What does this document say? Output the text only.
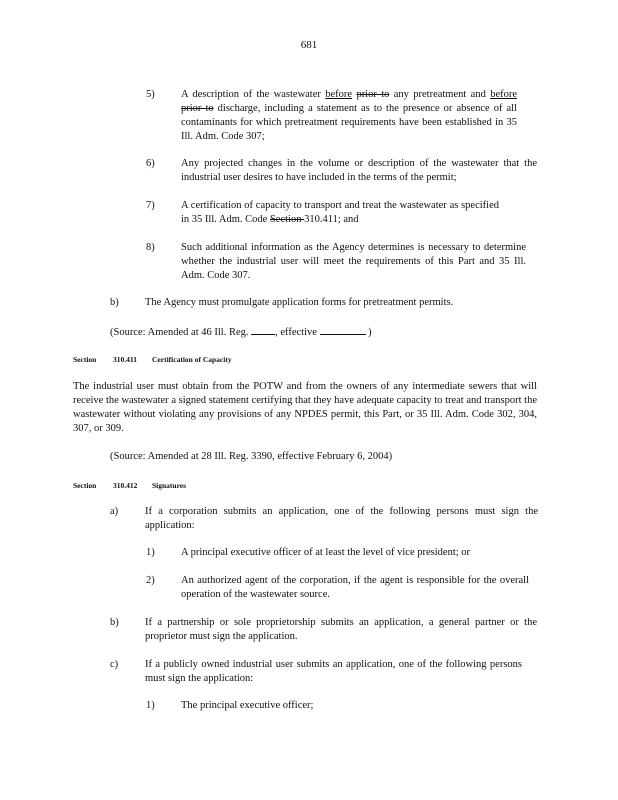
681
5)	A description of the wastewater before prior to any pretreatment and before prior to discharge, including a statement as to the presence or absence of all contaminants for which pretreatment requirements have been established in 35 Ill. Adm. Code 307;
6)	Any projected changes in the volume or description of the wastewater that the industrial user desires to have included in the terms of the permit;
7)	A certification of capacity to transport and treat the wastewater as specified in 35 Ill. Adm. Code Section 310.411; and
8)	Such additional information as the Agency determines is necessary to determine whether the industrial user will meet the requirements of this Part and 35 Ill. Adm. Code 307.
b)	The Agency must promulgate application forms for pretreatment permits.
(Source: Amended at 46 Ill. Reg. , effective	)
Section 310.411 Certification of Capacity
The industrial user must obtain from the POTW and from the owners of any intermediate sewers that will receive the wastewater a signed statement certifying that they have adequate capacity to treat and transport the wastewater without violating any provisions of any NPDES permit, this Part, or 35 Ill. Adm. Code 302, 304, 307, or 309.
(Source: Amended at 28 Ill. Reg. 3390, effective February 6, 2004)
Section 310.412 Signatures
a)	If a corporation submits an application, one of the following persons must sign the application:
1)	A principal executive officer of at least the level of vice president; or
2)	An authorized agent of the corporation, if the agent is responsible for the overall operation of the wastewater source.
b)	If a partnership or sole proprietorship submits an application, a general partner or the proprietor must sign the application.
c)	If a publicly owned industrial user submits an application, one of the following persons must sign the application:
1)	The principal executive officer;
